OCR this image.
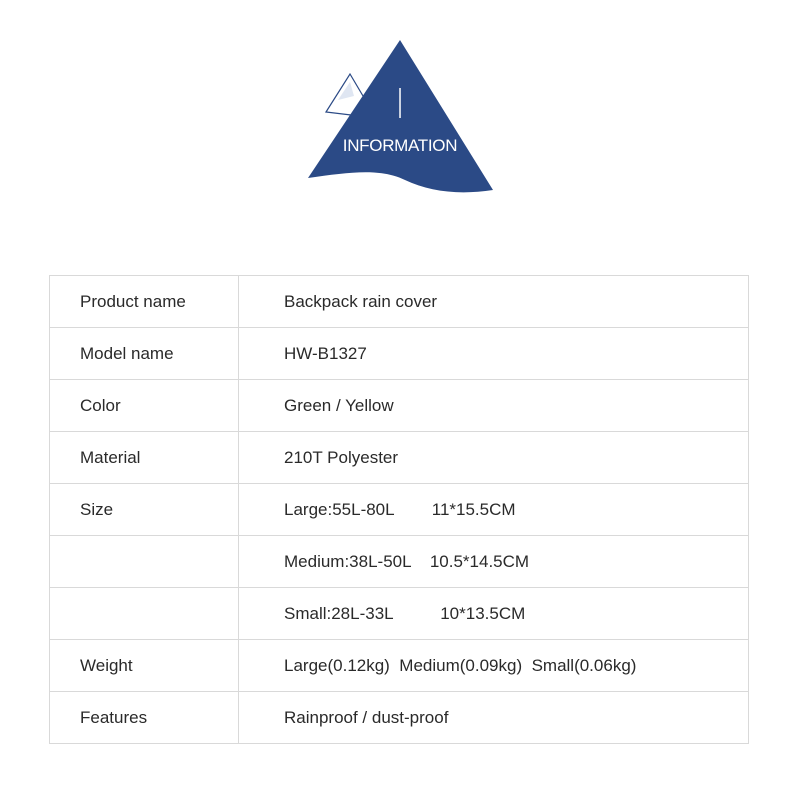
I
INFORMATION
Product name	Backpack rain cover
Model name	HW-B1327
Color	Green / Yellow
Material	210T Polyester
Size	Large:55L-80L        11*15.5CM
	Medium:38L-50L    10.5*14.5CM
	Small:28L-33L          10*13.5CM
Weight	Large(0.12kg)  Medium(0.09kg)  Small(0.06kg)
Features	Rainproof / dust-proof
